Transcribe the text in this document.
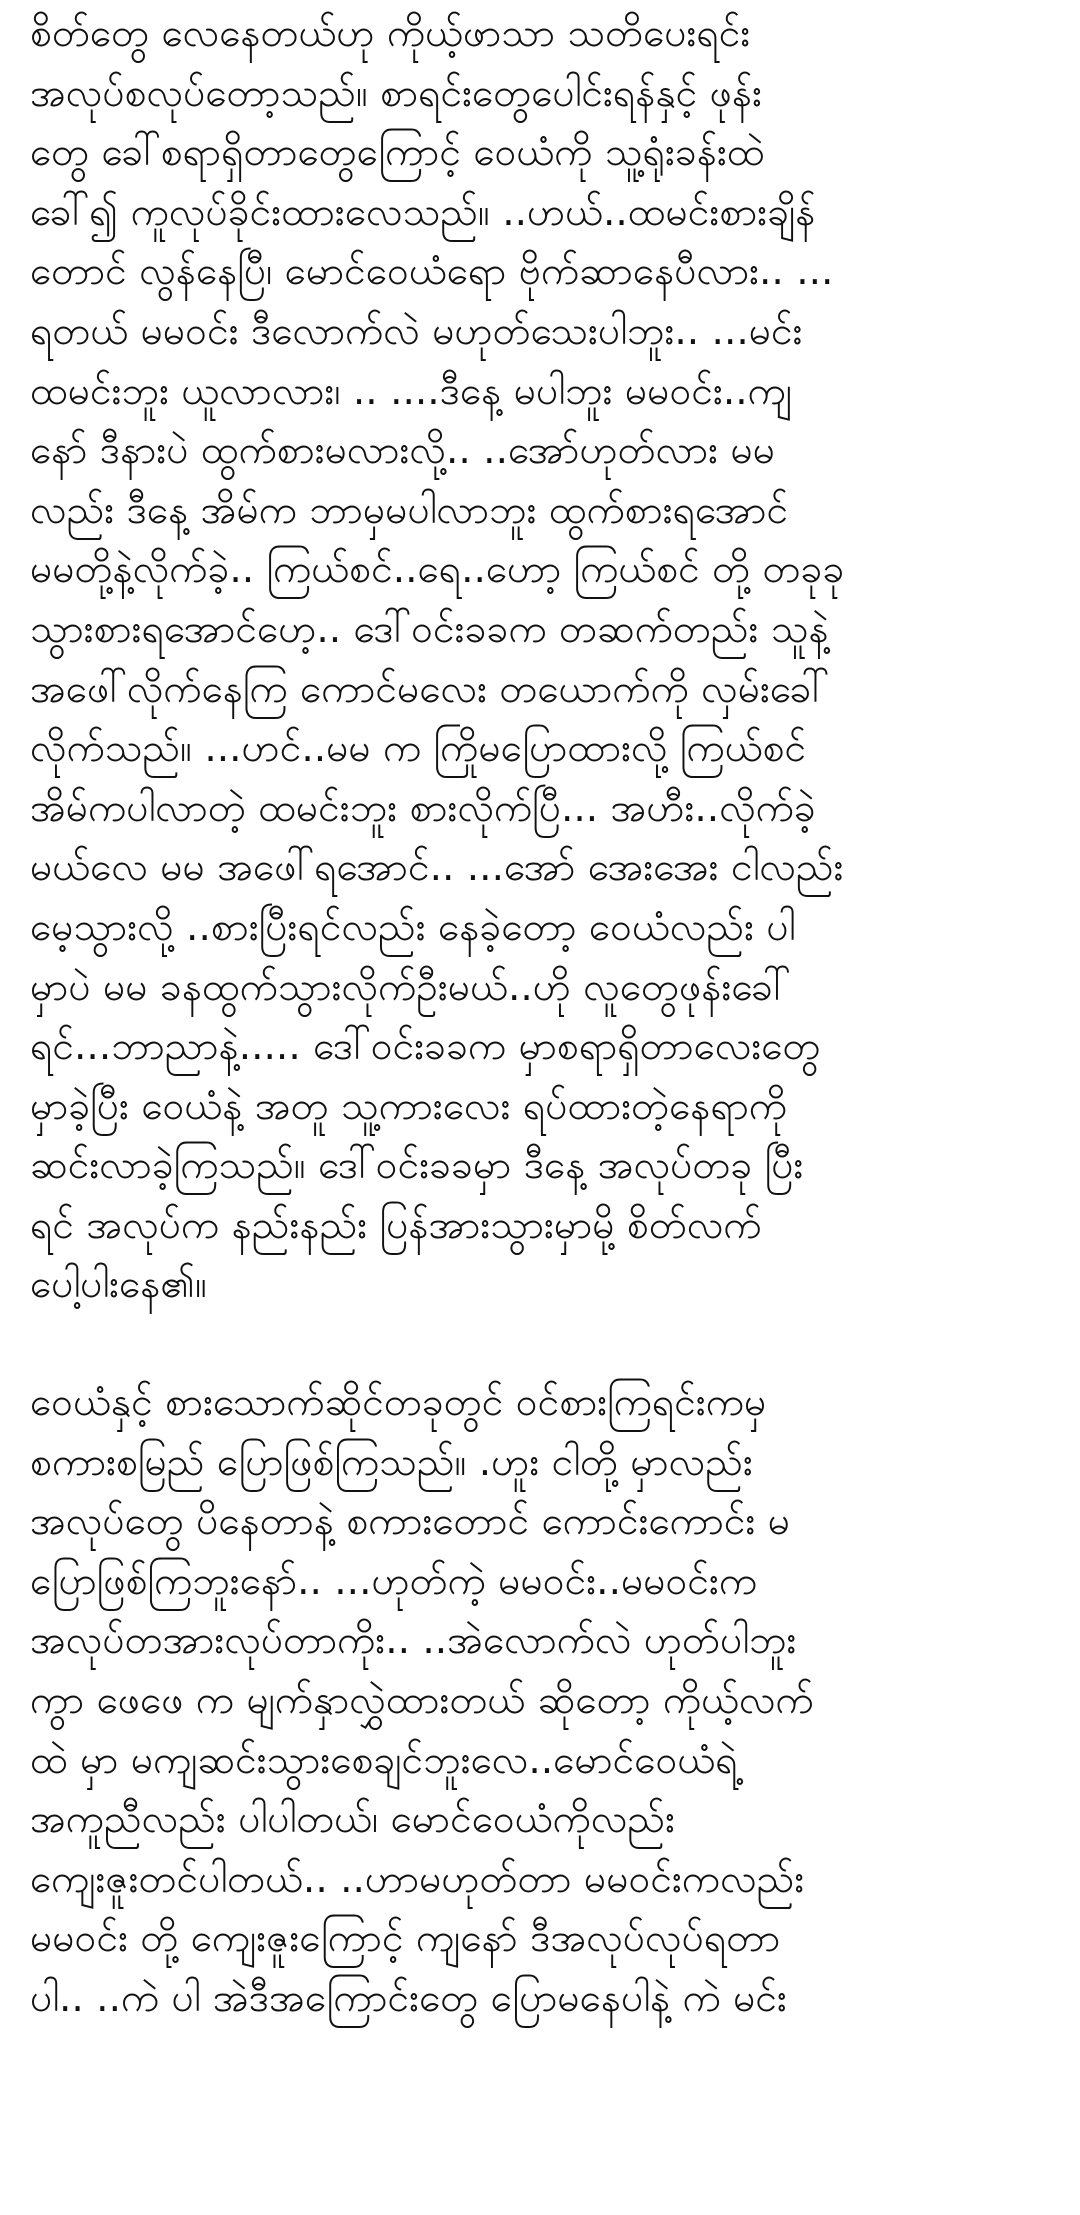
စိတ်တွေ လေနေတယ်ဟု ကိုယ့်ဖာသာ သတိပေးရင်း
အလုပ်စလုပ်တော့သည်။ စာရင်းတွေပေါင်းရန်နှင့် ဖုန်း
တွေ ခေါ်စရာရှိတာတွေကြောင့် ဝေယံကို သူ့ရုံးခန်းထဲ
ခေါ်၍ ကူလုပ်ခိုင်းထားလေသည်။ ..ဟယ်..ထမင်းစားချိန်
တောင် လွန်နေပြီ၊ မောင်ဝေယံရော ဗိုက်ဆာနေပီလား.. ...
ရတယ် မမဝင်း ဒီလောက်လဲ မဟုတ်သေးပါဘူး.. ...မင်း
ထမင်းဘူး ယူလာလား၊ .. ....ဒီနေ့ မပါဘူး မမဝင်း..ကျ
နော် ဒီနားပဲ ထွက်စားမလားလို့.. ..အော်ဟုတ်လား မမ
လည်း ဒီနေ့ အိမ်က ဘာမှမပါလာဘူး ထွက်စားရအောင်
မမတို့နဲ့လိုက်ခဲ့.. ကြယ်စင်..ရေ..ဟော့ ကြယ်စင် တို့ တခုခု
သွားစားရအောင်ဟေ့.. ဒေါ်ဝင်းခခက တဆက်တည်း သူနဲ့
အဖေါ်လိုက်နေကြ ကောင်မလေး တယောက်ကို လှမ်းခေါ်
လိုက်သည်။ ...ဟင်..မမ က ကြိုမပြောထားလို့ ကြယ်စင်
အိမ်ကပါလာတဲ့ ထမင်းဘူး စားလိုက်ပြီ... အဟီး..လိုက်ခဲ့
မယ်လေ မမ အဖေါ်ရအောင်.. ...အော် အေးအေး ငါလည်း
မေ့သွားလို့ ..စားပြီးရင်လည်း နေခဲ့တော့ ဝေယံလည်း ပါ
မှာပဲ မမ ခနထွက်သွားလိုက်ဦးမယ်..ဟို လူတွေဖုန်းခေါ်
ရင်...ဘာညာနဲ့..... ဒေါ်ဝင်းခခက မှာစရာရှိတာလေးတွေ
မှာခဲ့ပြီး ဝေယံနဲ့ အတူ သူ့ကားလေး ရပ်ထားတဲ့နေရာကို
ဆင်းလာခဲ့ကြသည်။ ဒေါ်ဝင်းခခမှာ ဒီနေ့ အလုပ်တခု ပြီး
ရင် အလုပ်က နည်းနည်း ပြန်အားသွားမှာမို့ စိတ်လက်
ပေါ့ပါးနေ၏။

ဝေယံနှင့် စားသောက်ဆိုင်တခုတွင် ဝင်စားကြရင်းကမှ
စကားစမြည် ပြောဖြစ်ကြသည်။ .ဟူး ငါတို့ မှာလည်း
အလုပ်တွေ ပိနေတာနဲ့ စကားတောင် ကောင်းကောင်း မ
ပြောဖြစ်ကြဘူးနော်.. ...ဟုတ်ကဲ့ မမဝင်း..မမဝင်းက
အလုပ်တအားလုပ်တာကိုး.. ..အဲလောက်လဲ ဟုတ်ပါဘူး
ကွာ ဖေဖေ က မျက်နှာလွှဲထားတယ် ဆိုတော့ ကိုယ့်လက်
ထဲ မှာ မကျဆင်းသွားစေချင်ဘူးလေ..မောင်ဝေယံရဲ့
အကူညီလည်း ပါပါတယ်၊ မောင်ဝေယံကိုလည်း
ကျေးဇူးတင်ပါတယ်.. ..ဟာမဟုတ်တာ မမဝင်းကလည်း
မမဝင်း တို့ ကျေးဇူးကြောင့် ကျနော် ဒီအလုပ်လုပ်ရတာ
ပါ.. ..ကဲ ပါ အဲဒီအကြောင်းတွေ ပြောမနေပါနဲ့ ကဲ မင်း
